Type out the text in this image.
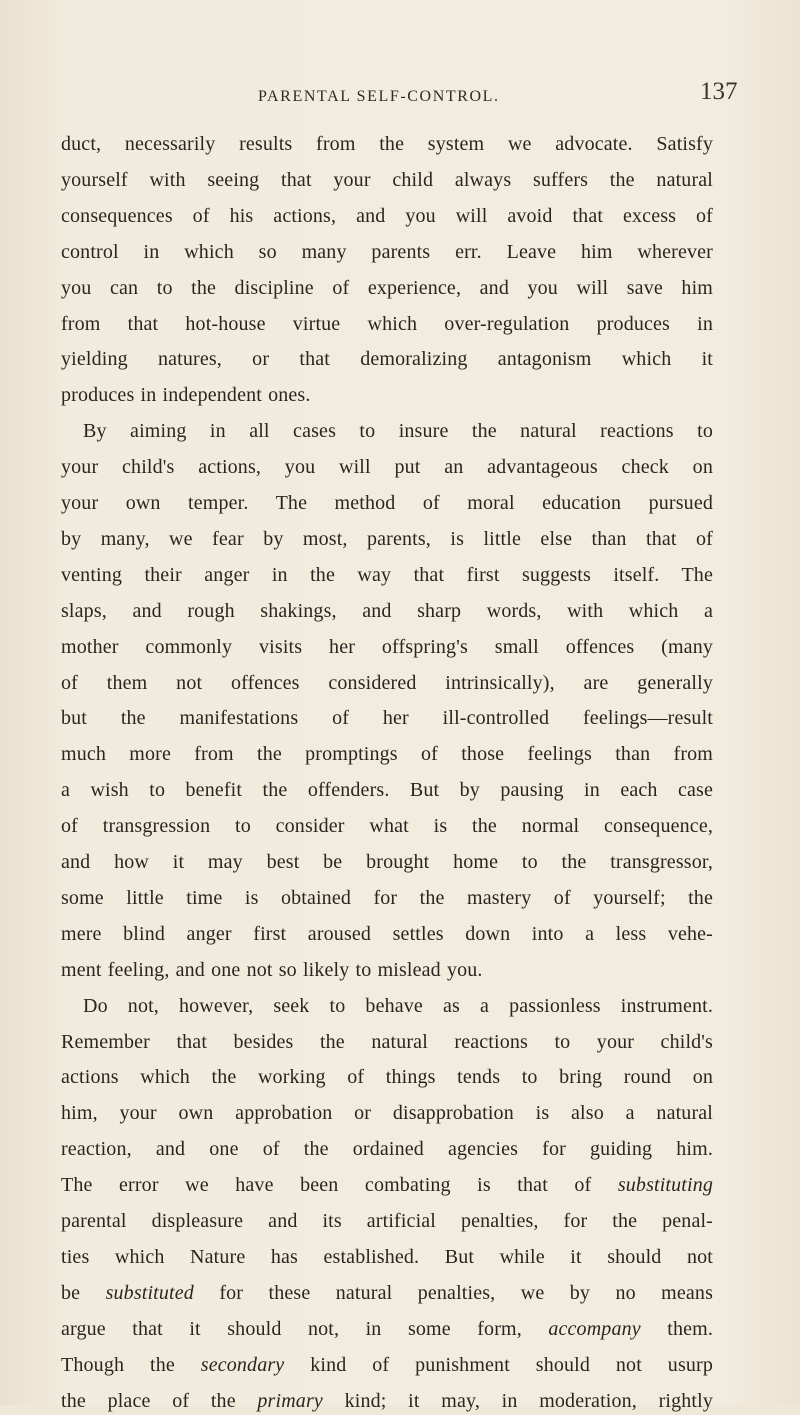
PARENTAL SELF-CONTROL.	137
duct, necessarily results from the system we advocate. Satisfy
yourself with seeing that your child always suffers the natural
consequences of his actions, and you will avoid that excess of
control in which so many parents err. Leave him wherever
you can to the discipline of experience, and you will save him
from that hot-house virtue which over-regulation produces in
yielding natures, or that demoralizing antagonism which it
produces in independent ones.
By aiming in all cases to insure the natural reactions to
your child's actions, you will put an advantageous check on
your own temper. The method of moral education pursued
by many, we fear by most, parents, is little else than that of
venting their anger in the way that first suggests itself. The
slaps, and rough shakings, and sharp words, with which a
mother commonly visits her offspring's small offences (many
of them not offences considered intrinsically), are generally
but the manifestations of her ill-controlled feelings—result
much more from the promptings of those feelings than from
a wish to benefit the offenders. But by pausing in each case
of transgression to consider what is the normal consequence,
and how it may best be brought home to the transgressor,
some little time is obtained for the mastery of yourself; the
mere blind anger first aroused settles down into a less vehe-
ment feeling, and one not so likely to mislead you.
Do not, however, seek to behave as a passionless instrument.
Remember that besides the natural reactions to your child's
actions which the working of things tends to bring round on
him, your own approbation or disapprobation is also a natural
reaction, and one of the ordained agencies for guiding him.
The error we have been combating is that of substituting
parental displeasure and its artificial penalties, for the penal-
ties which Nature has established. But while it should not
be substituted for these natural penalties, we by no means
argue that it should not, in some form, accompany them.
Though the secondary kind of punishment should not usurp
the place of the primary kind; it may, in moderation, rightly
